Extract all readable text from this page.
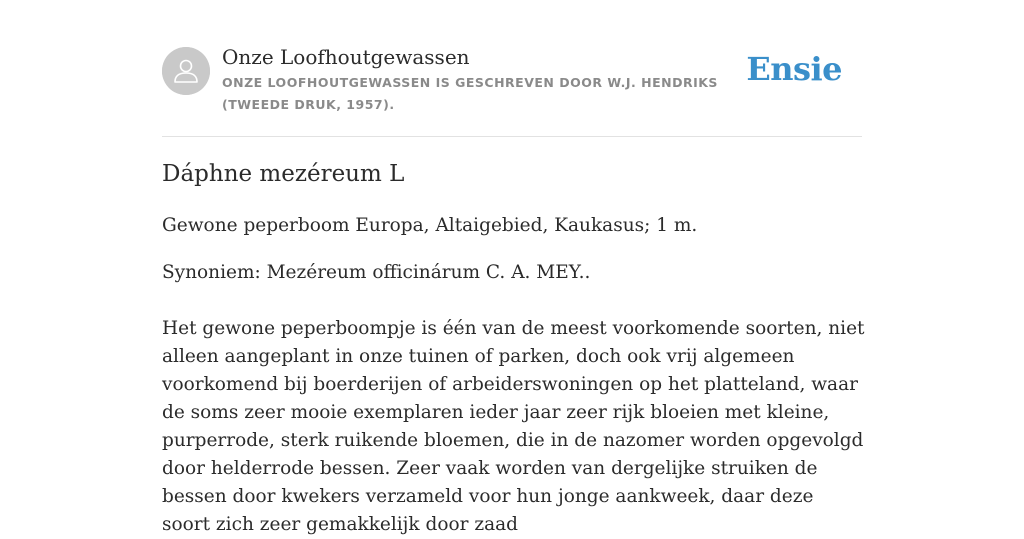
Onze Loofhoutgewassen
ONZE LOOFHOUTGEWASSEN IS GESCHREVEN DOOR W.J. HENDRIKS (TWEEDE DRUK, 1957).
Ensie
Dáphne mezéreum L

Gewone peperboom Europa, Altaigebied, Kaukasus; 1 m.

Synoniem: Mezéreum officinárum C. A. MEY..

Het gewone peperboompje is één van de meest voorkomende soorten, niet alleen aangeplant in onze tuinen of parken, doch ook vrij algemeen voorkomend bij boerderijen of arbeiderswoningen op het platteland, waar de soms zeer mooie exemplaren ieder jaar zeer rijk bloeien met kleine, purperrode, sterk ruikende bloemen, die in de nazomer worden opgevolgd door helderrode bessen. Zeer vaak worden van dergelijke struiken de bessen door kwekers verzameld voor hun jonge aankweek, daar deze soort zich zeer gemakkelijk door zaad
